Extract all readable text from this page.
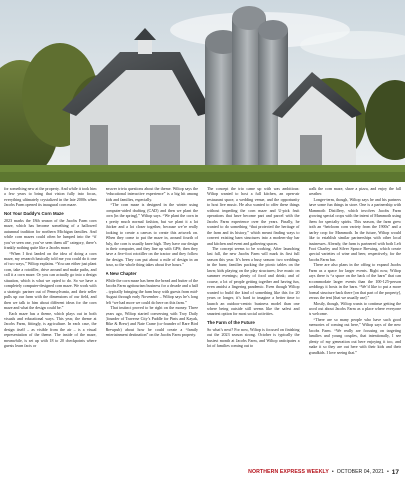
for something new at the property. And while it took him a few years to bring that vision fully into focus, everything ultimately crystalized in the late 2000s when Jacobs Farm opened its inaugural corn maze.

Not Your Daddy’s Corn Maze

2023 marks the 18th season of the Jacobs Farm corn maze, which has become something of a hallowed autumnal tradition for northern Michigan families. And while corn mazes could often be lumped into the “if you’ve seen one, you’ve seen them all” category, there’s frankly nothing quite like a Jacobs maze.

“When I first landed on the idea of doing a corn maze, my research basically told me you could do it one of two ways,” Wiltop explains. “You can either just plant corn, take a rototiller, drive around and make paths, and call it a corn maze. Or you can actually go into a design situation, which is what we opted to do. So we have a completely computer-designed corn maze. We work with a strategic partner out of Pennsylvania, and their seller pulls up our farm with the dimensions of our field, and then we talk to him about different ideas for the corn maze and what the design could be.”

Each maze has a theme, which plays out in both visuals and educational ways. This year, the theme at Jacobs Farm, fittingly, is agriculture. In each case, the design itself – as visible from the air – is a visual representation of the theme. The inside of the maze, meanwhile, is set up with 18 to 20 checkpoints where guests learn facts or

answer trivia questions about the theme. Wiltop says the “educational interactive experience” is a big hit among kids and families, especially.

“The corn maze is designed in the winter using computer-aided drafting (CAD) and then we plant the corn [in the spring],” Wiltop says. “We plant the corn in a pretty much normal fashion, but we plant it a lot thicker and a lot closer together, because we’re really looking to create a canvas to create this artwork on. When they come to put the maze in, around fourth of July, the corn is usually knee high. They have our design in their computer, and they line up with GPS; then they have a five-foot rototiller on the tractor and they follow the design. They can put about a mile of design in an hour, so the whole thing takes about five hours.”

A New Chapter

While the corn maze has been the bread and butter of the Jacobs Farm agritourism business for a decade and a half – typically bringing the farm busy with guests from mid-August through early November – Wiltop says he’s long felt “we had more we could do here on this farm.”

That instinct proved to be right on the money. Three years ago, Wiltop started conversing with Troy Daily (founder of Traverse City’s Paddle for Pints and Kayak, Bike & Brew) and Nate Crane (co-founder of Rare Bird Brewpub) about how he could create a “family entertainment destination” on the Jacobs Farm property.

The concept the trio came up with was ambitious: Wiltop wanted to host a full kitchen, an open-air restaurant space, a wedding venue, and the opportunity to host live music. He also wanted to offer these things without impeding the corn maze and U-pick fruit operations that have become part and parcel with the Jacobs Farm experience over the years. Finally, he wanted to do something “that protected the heritage of the farm and its history,” which meant finding ways to convert existing barn structures into a modern-day bar and kitchen and event and gathering spaces.

The concept seems to be working. After launching last fall, the new Jacobs Farm will mark its first full season this year. It’s been a busy season: two weddings in the barn; families packing the picnic tables on the lawn; kids playing on the play structures; live music on summer evenings; plenty of food and drink; and of course, a lot of people getting together and having fun, even amidst a lingering pandemic. Even though Wiltop wanted to build the kind of something like this for 20 years or longer, it’s hard to imagine a better time to launch an outdoor-centric business model than one where being outside still seems like the safest and smartest option for most social activities.

The Farm of the Future

So what’s next? For now, Wiltop is focused on finishing out the 2023 season strong. October is typically the busiest month at Jacobs Farm, and Wiltop anticipates a lot of families coming out to

walk the corn maze, share a pizza, and enjoy the fall weather.

Longer-term, though, Wiltop says he and his partners have some fun things in store. One is a partnership with Mammoth Distillery, which involves Jacobs Farm growing special crops with the intent of Mammoth using them for specialty spirits. This season, the farm grew both an “heirloom corn variety from the 1900s” and a barley crop for Mammoth. In the future, Wiltop would like to establish similar partnerships with other local businesses. Already, the farm is partnered with both Left Foot Charley and Silver Spruce Brewing, which create special varieties of wine and beer, respectively, for the Jacobs Farm bar.

There are also plans in the offing to expand Jacobs Farm as a space for larger events. Right now, Wiltop says there is “a space on the back of the barn” that can accommodate larger events than the 100-125-person weddings it hosts in the barn. “We’d like to put a more formal structure back there [on that part of the property], versus the tent [that we usually use].”

Mostly, though, Wiltop wants to continue getting the word out about Jacobs Farm as a place where everyone is welcome.

“There are so many people who have such good memories of coming out here,” Wiltop says of the new Jacobs Farm. “We really are focusing on targeting families and young couples, that intentionally, I see plenty of my generation out here enjoying it too, and make it so they are out here with their kids and their grandkids. I love seeing that.”

NORTHERN EXPRESS WEEKLY • OCTOBER 04, 2021 • 17
